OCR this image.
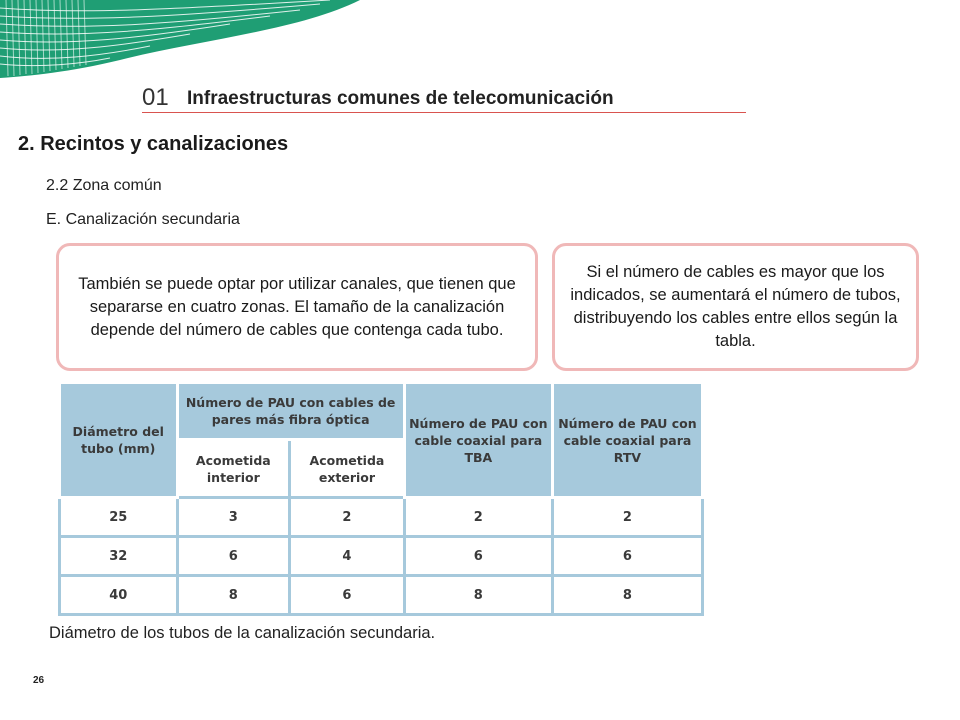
01 Infraestructuras comunes de telecomunicación
2. Recintos y canalizaciones
2.2 Zona común
E. Canalización secundaria
También se puede optar por utilizar canales, que tienen que separarse en cuatro zonas. El tamaño de la canalización depende del número de cables que contenga cada tubo.
Si el número de cables es mayor que los indicados, se aumentará el número de tubos, distribuyendo los cables entre ellos según la tabla.
Diámetro del tubo (mm)	Número de PAU con cables de pares más fibra óptica		Número de PAU con cable coaxial para TBA	Número de PAU con cable coaxial para RTV
	Acometida interior	Acometida exterior		
25	3	2	2	2
32	6	4	6	6
40	8	6	8	8
Diámetro de los tubos de la canalización secundaria.
26
